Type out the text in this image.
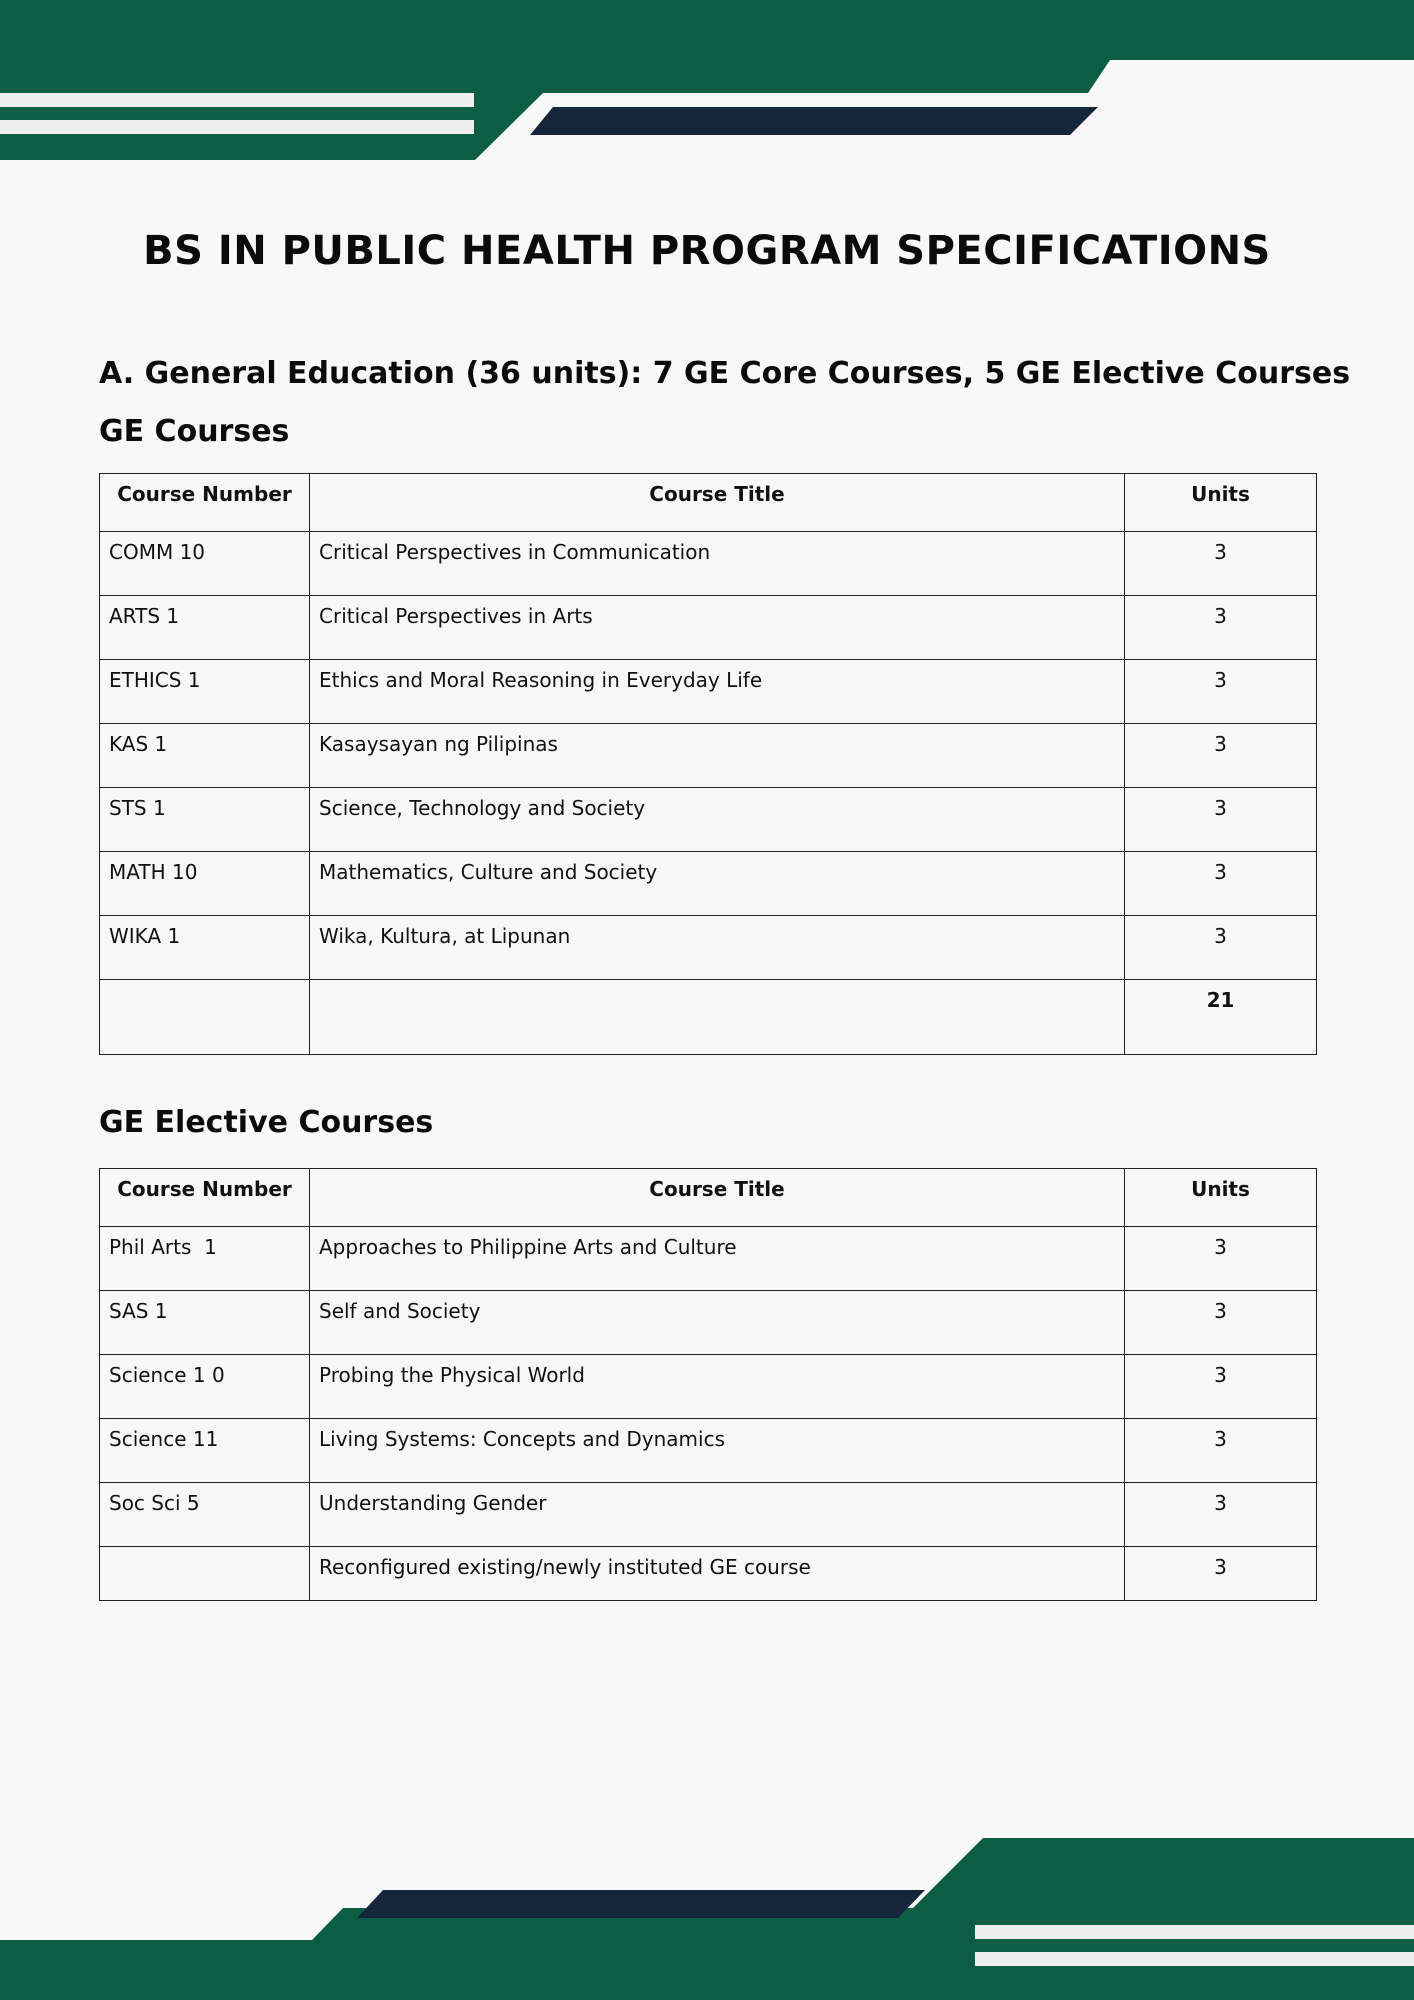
BS IN PUBLIC HEALTH PROGRAM SPECIFICATIONS
A. General Education (36 units): 7 GE Core Courses, 5 GE Elective Courses
GE Courses
Course Number	Course Title	Units
COMM 10	Critical Perspectives in Communication	3
ARTS 1	Critical Perspectives in Arts	3
ETHICS 1	Ethics and Moral Reasoning in Everyday Life	3
KAS 1	Kasaysayan ng Pilipinas	3
STS 1	Science, Technology and Society	3
MATH 10	Mathematics, Culture and Society	3
WIKA 1	Wika, Kultura, at Lipunan	3
		21
GE Elective Courses
Course Number	Course Title	Units
Phil Arts  1	Approaches to Philippine Arts and Culture	3
SAS 1	Self and Society	3
Science 1 0	Probing the Physical World	3
Science 11	Living Systems: Concepts and Dynamics	3
Soc Sci 5	Understanding Gender	3
	Reconfigured existing/newly instituted GE course	3
